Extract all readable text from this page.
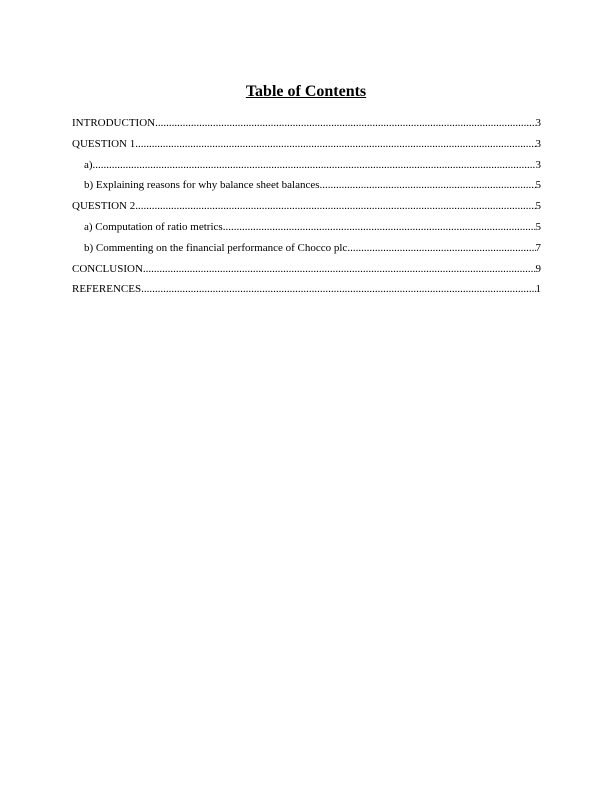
Table of Contents
INTRODUCTION .....	3
QUESTION 1 .....	3
a) .....	3
b) Explaining reasons for why balance sheet balances .....	5
QUESTION 2 .....	5
a) Computation of ratio metrics .....	5
b) Commenting on the financial performance of Chocco plc .....	7
CONCLUSION .....	9
REFERENCES .....	1
